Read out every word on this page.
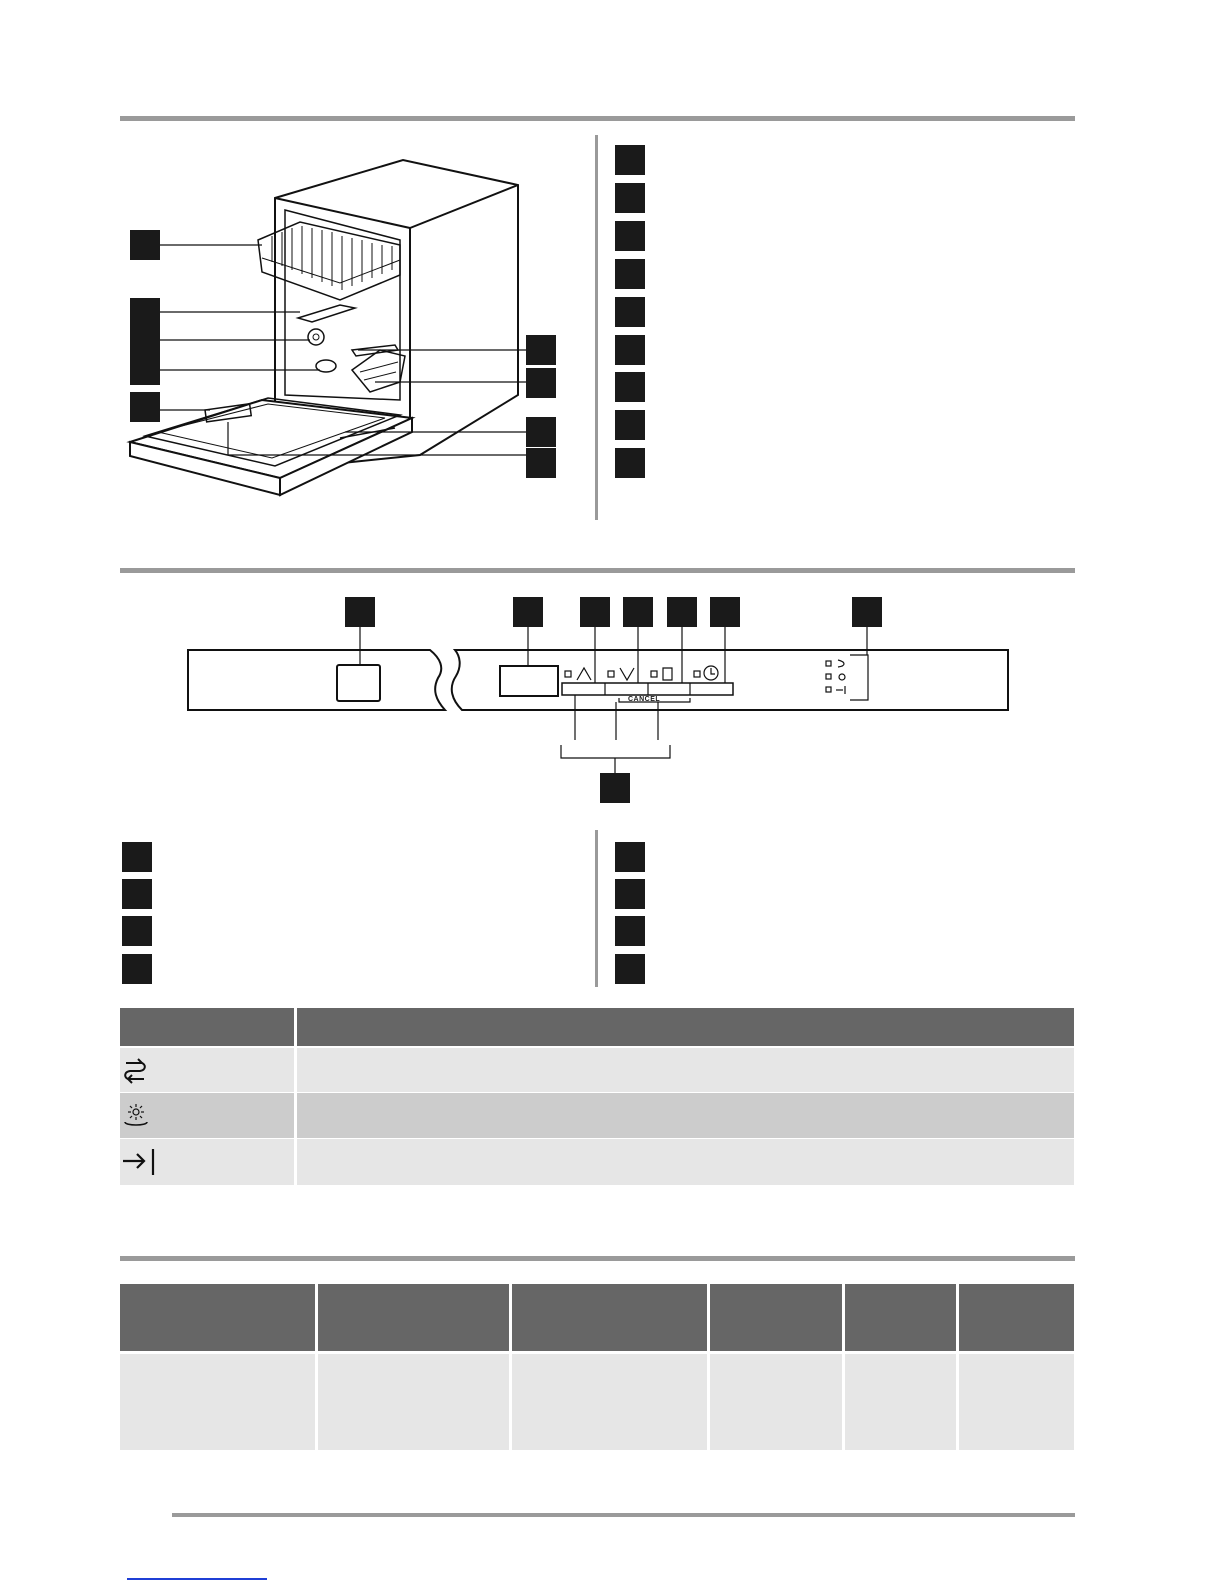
CANCEL
